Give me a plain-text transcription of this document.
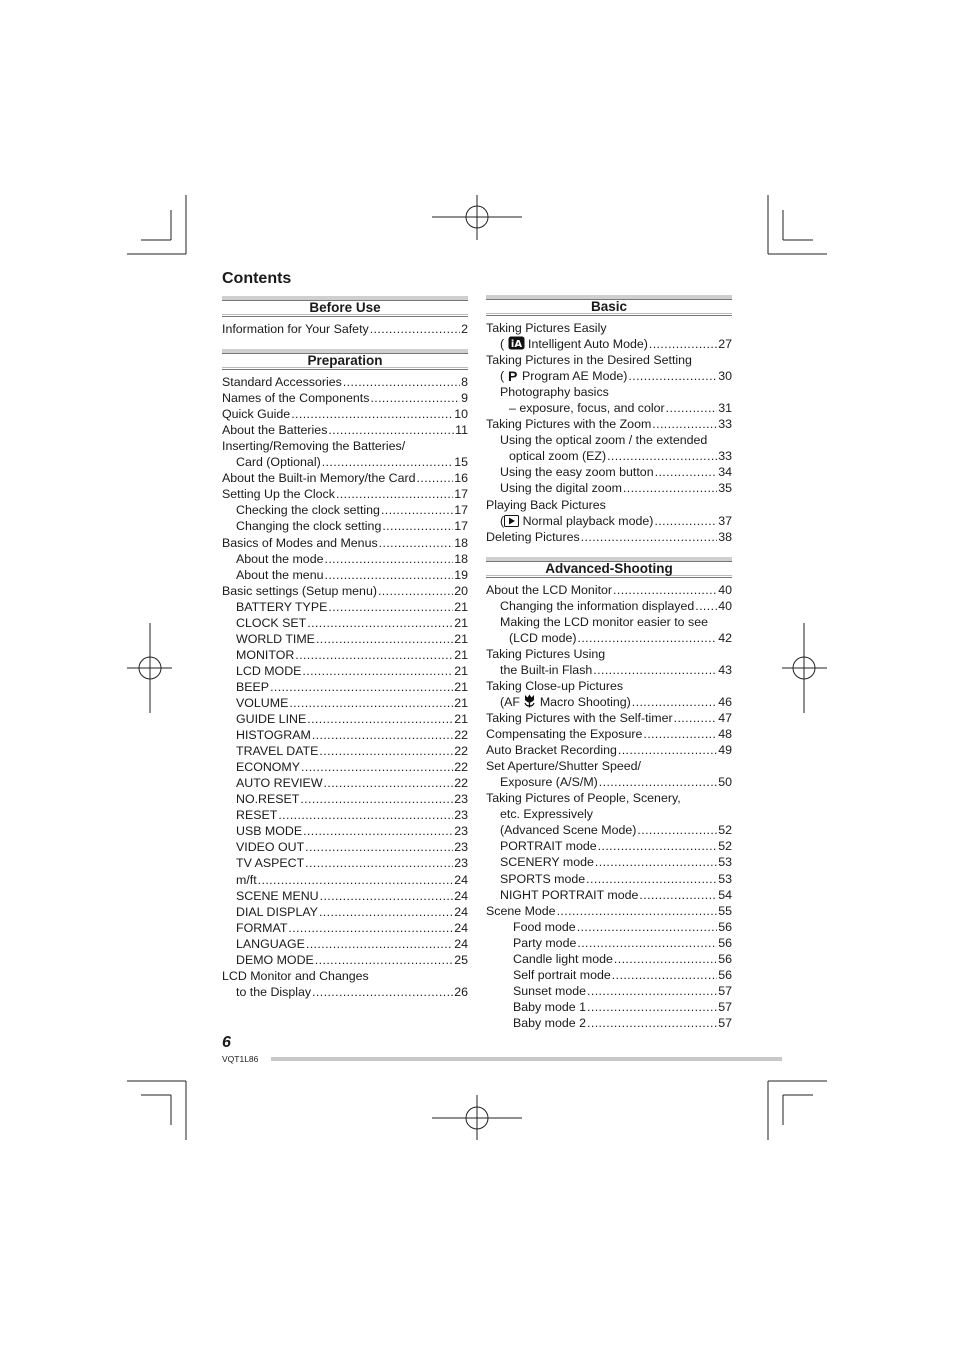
Contents
Before Use
Information for Your Safety .....	2
Preparation
Standard Accessories .....	8
Names of the Components .....	9
Quick Guide .....	10
About the Batteries .....	11
Inserting/Removing the Batteries/
Card (Optional) .....	15
About the Built-in Memory/the Card .....	16
Setting Up the Clock .....	17
Checking the clock setting .....	17
Changing the clock setting .....	17
Basics of Modes and Menus .....	18
About the mode .....	18
About the menu .....	19
Basic settings (Setup menu) .....	20
BATTERY TYPE .....	21
CLOCK SET .....	21
WORLD TIME .....	21
MONITOR .....	21
LCD MODE .....	21
BEEP .....	21
VOLUME .....	21
GUIDE LINE .....	21
HISTOGRAM .....	22
TRAVEL DATE .....	22
ECONOMY .....	22
AUTO REVIEW .....	22
NO.RESET .....	23
RESET .....	23
USB MODE .....	23
VIDEO OUT .....	23
TV ASPECT .....	23
m/ft .....	24
SCENE MENU .....	24
DIAL DISPLAY .....	24
FORMAT .....	24
LANGUAGE .....	24
DEMO MODE .....	25
LCD Monitor and Changes
to the Display .....	26
Basic
Taking Pictures Easily
( iA Intelligent Auto Mode) .....	27
Taking Pictures in the Desired Setting
( P Program AE Mode) .....	30
Photography basics
– exposure, focus, and color .....	31
Taking Pictures with the Zoom .....	33
Using the optical zoom / the extended
optical zoom (EZ) .....	33
Using the easy zoom button .....	34
Using the digital zoom .....	35
Playing Back Pictures
( Normal playback mode) .....	37
Deleting Pictures .....	38
Advanced-Shooting
About the LCD Monitor .....	40
Changing the information displayed ..... 40
Making the LCD monitor easier to see
(LCD mode) .....	42
Taking Pictures Using
the Built-in Flash .....	43
Taking Close-up Pictures
(AF  Macro Shooting) .....	46
Taking Pictures with the Self-timer .....	47
Compensating the Exposure .....	48
Auto Bracket Recording .....	49
Set Aperture/Shutter Speed/
Exposure (A/S/M) .....	50
Taking Pictures of People, Scenery,
etc. Expressively
(Advanced Scene Mode) .....	52
PORTRAIT mode .....	52
SCENERY mode .....	53
SPORTS mode .....	53
NIGHT PORTRAIT mode .....	54
Scene Mode .....	55
Food mode .....	56
Party mode .....	56
Candle light mode .....	56
Self portrait mode .....	56
Sunset mode .....	57
Baby mode 1 .....	57
Baby mode 2 .....	57
6
VQT1L86
